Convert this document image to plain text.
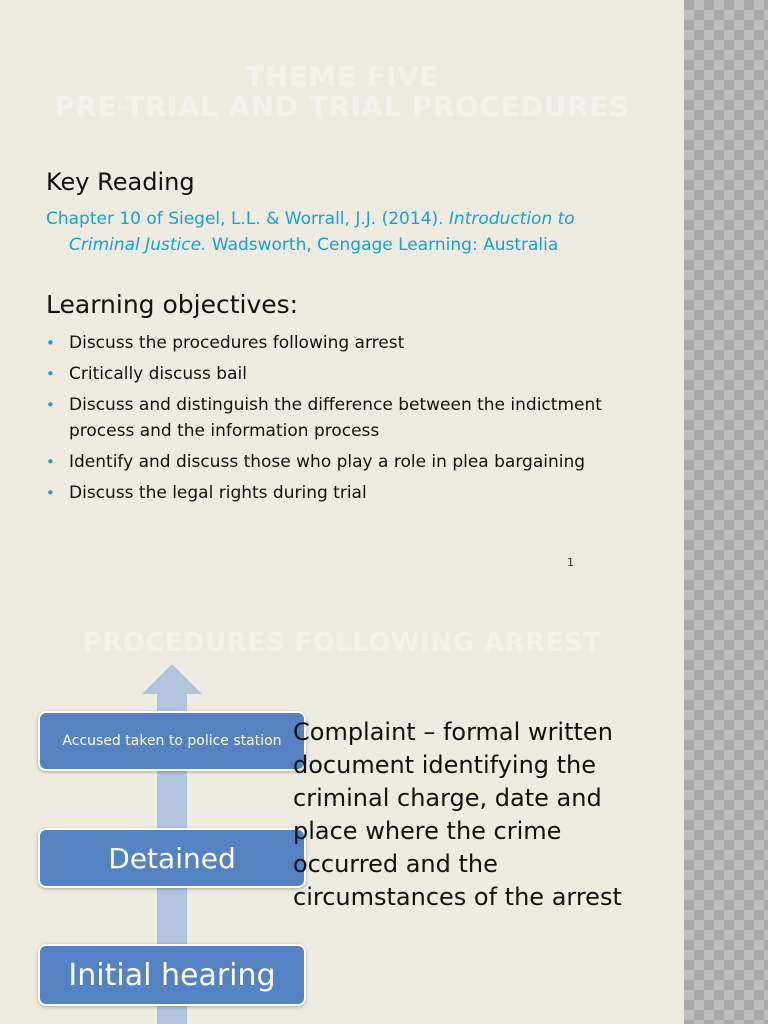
THEME FIVE
PRE-TRIAL AND TRIAL PROCEDURES
Key Reading
Chapter 10 of Siegel, L.L. & Worrall, J.J. (2014). Introduction to Criminal Justice. Wadsworth, Cengage Learning: Australia
Learning objectives:
• Discuss the procedures following arrest
• Critically discuss bail
• Discuss and distinguish the difference between the indictment process and the information process
• Identify and discuss those who play a role in plea bargaining
• Discuss the legal rights during trial
1
PROCEDURES FOLLOWING ARREST
Accused taken to police station
Detained
Initial hearing
Complaint – formal written document identifying the criminal charge, date and place where the crime occurred and the circumstances of the arrest
